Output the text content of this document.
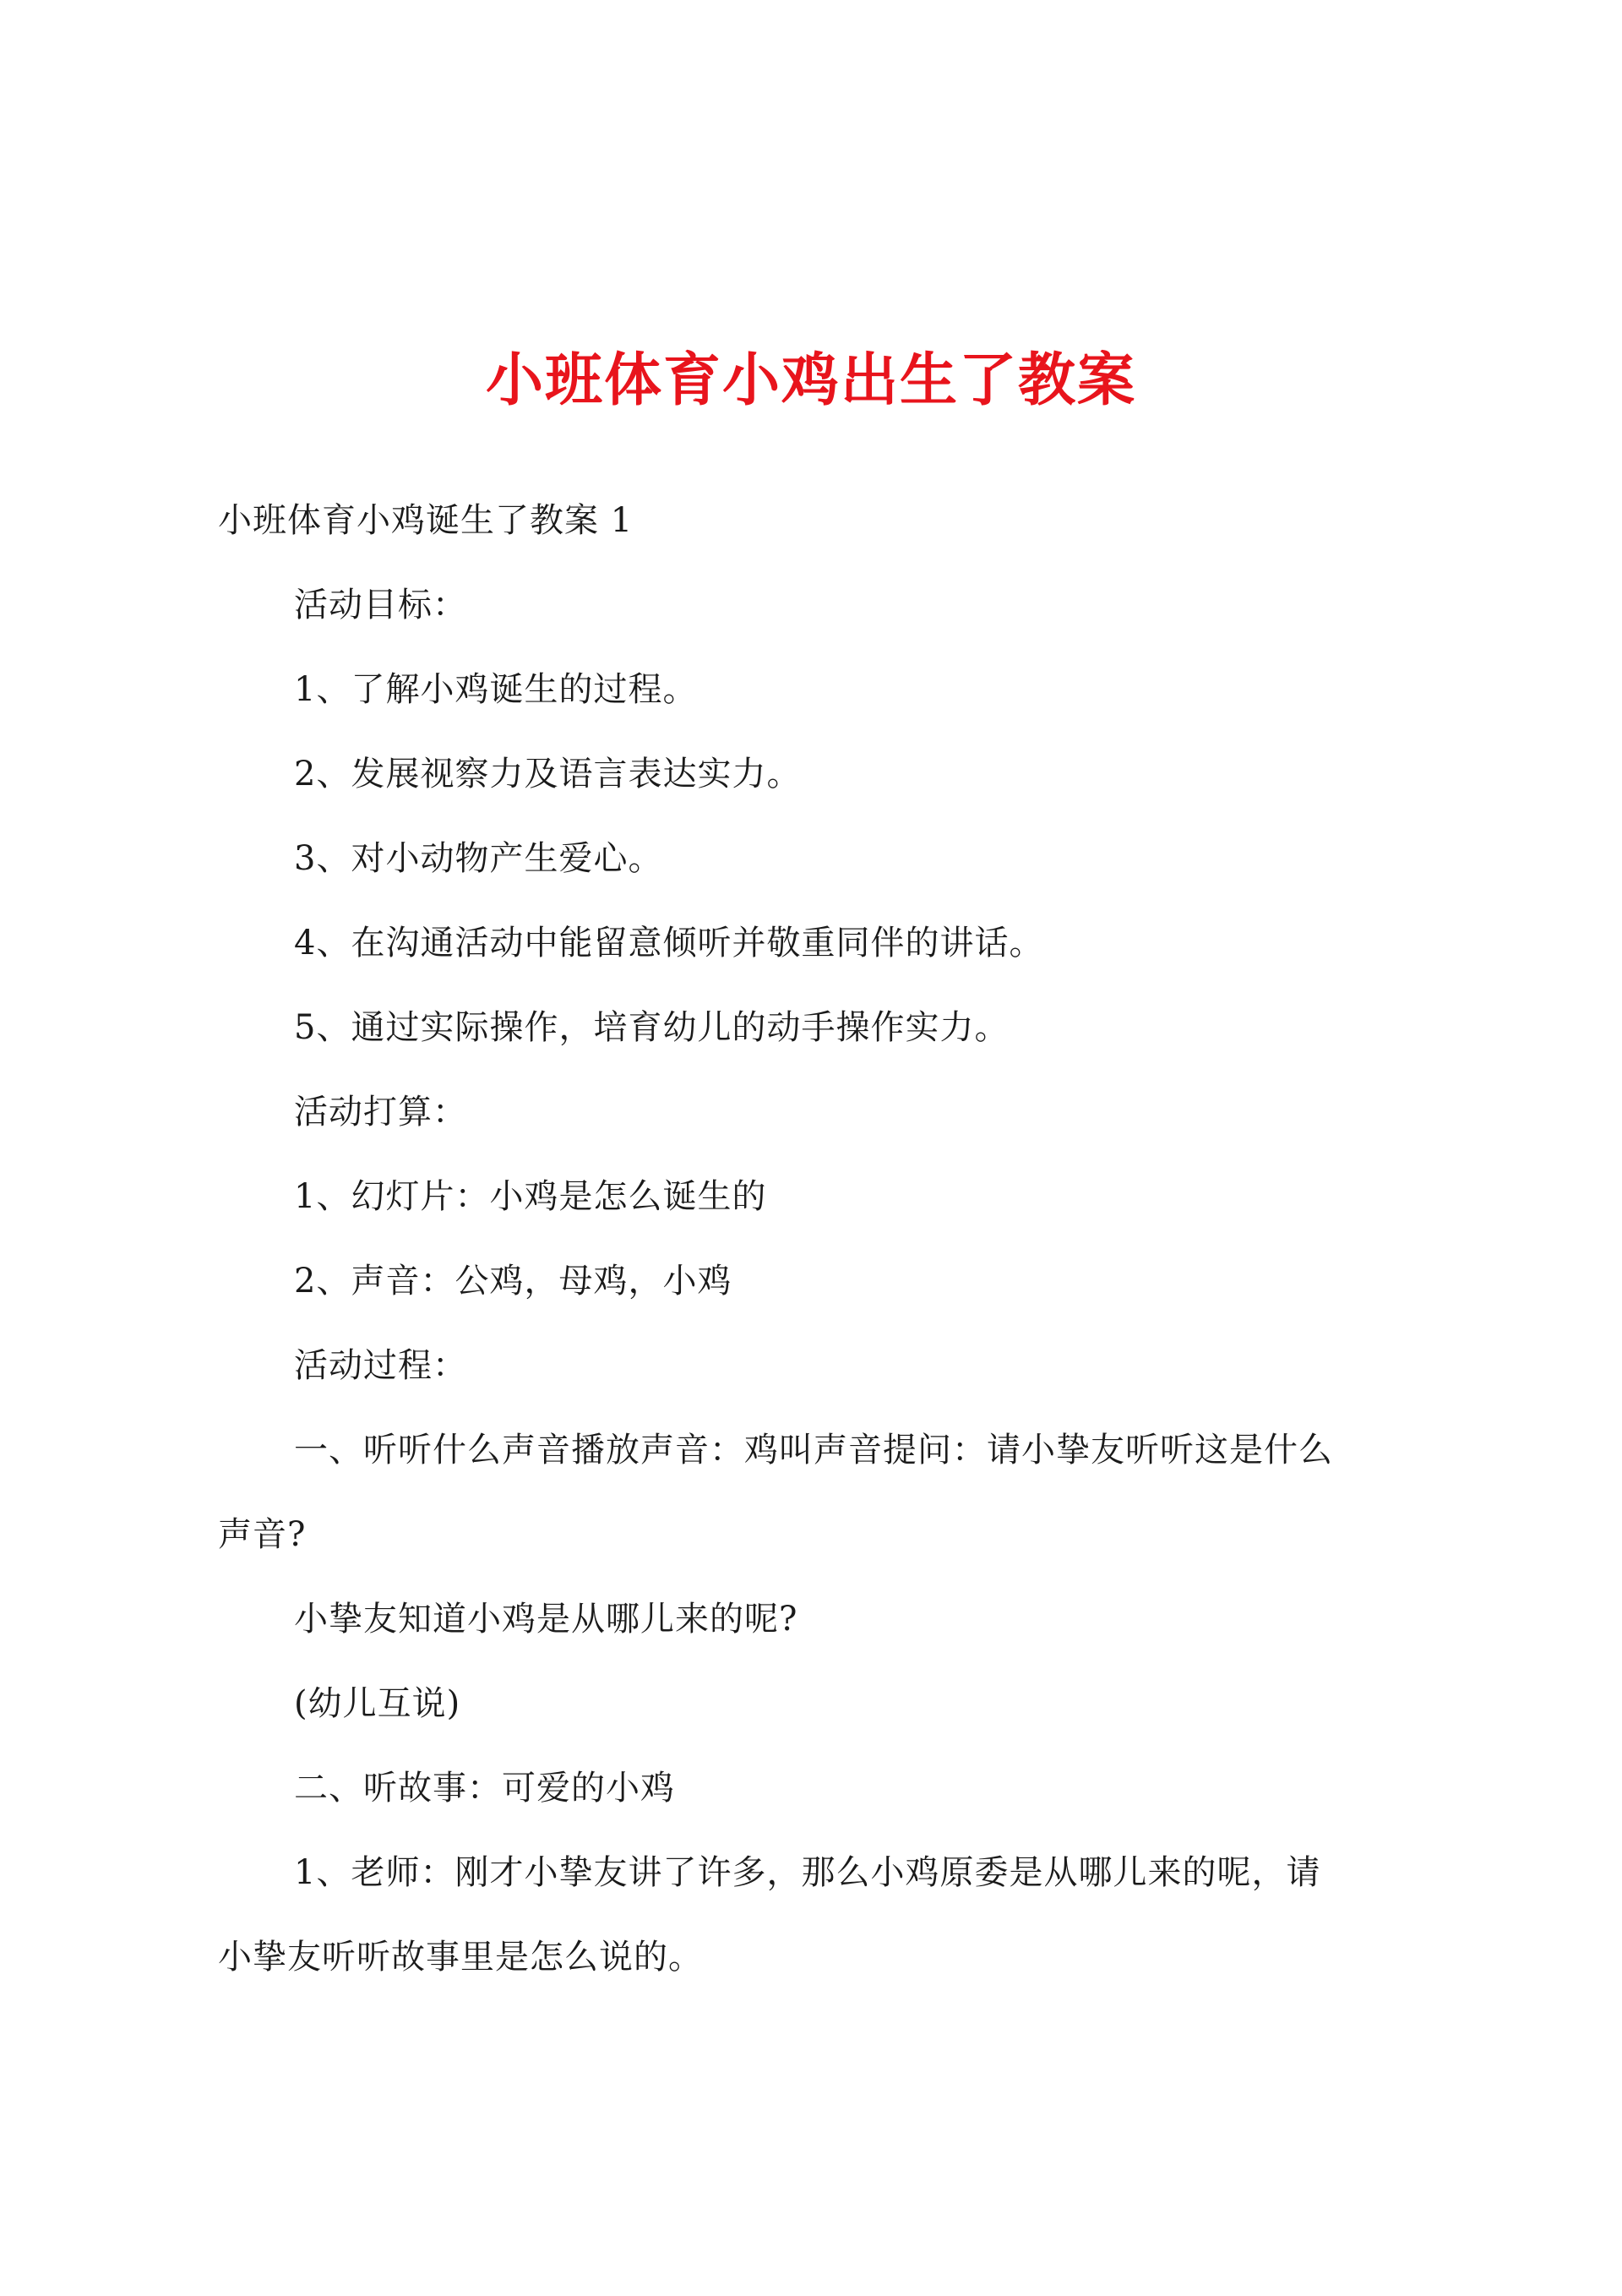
小班体育小鸡出生了教案
小班体育小鸡诞生了教案 1
活动目标：
1、了解小鸡诞生的过程。
2、发展视察力及语言表达实力。
3、对小动物产生爱心。
4、在沟通活动中能留意倾听并敬重同伴的讲话。
5、通过实际操作，培育幼儿的动手操作实力。
活动打算：
1、幻灯片：小鸡是怎么诞生的
2、声音：公鸡，母鸡，小鸡
活动过程：
一、听听什么声音播放声音：鸡叫声音提问：请小挚友听听这是什么
声音?
小挚友知道小鸡是从哪儿来的呢?
(幼儿互说)
二、听故事：可爱的小鸡
1、老师：刚才小挚友讲了许多，那么小鸡原委是从哪儿来的呢，请
小挚友听听故事里是怎么说的。
